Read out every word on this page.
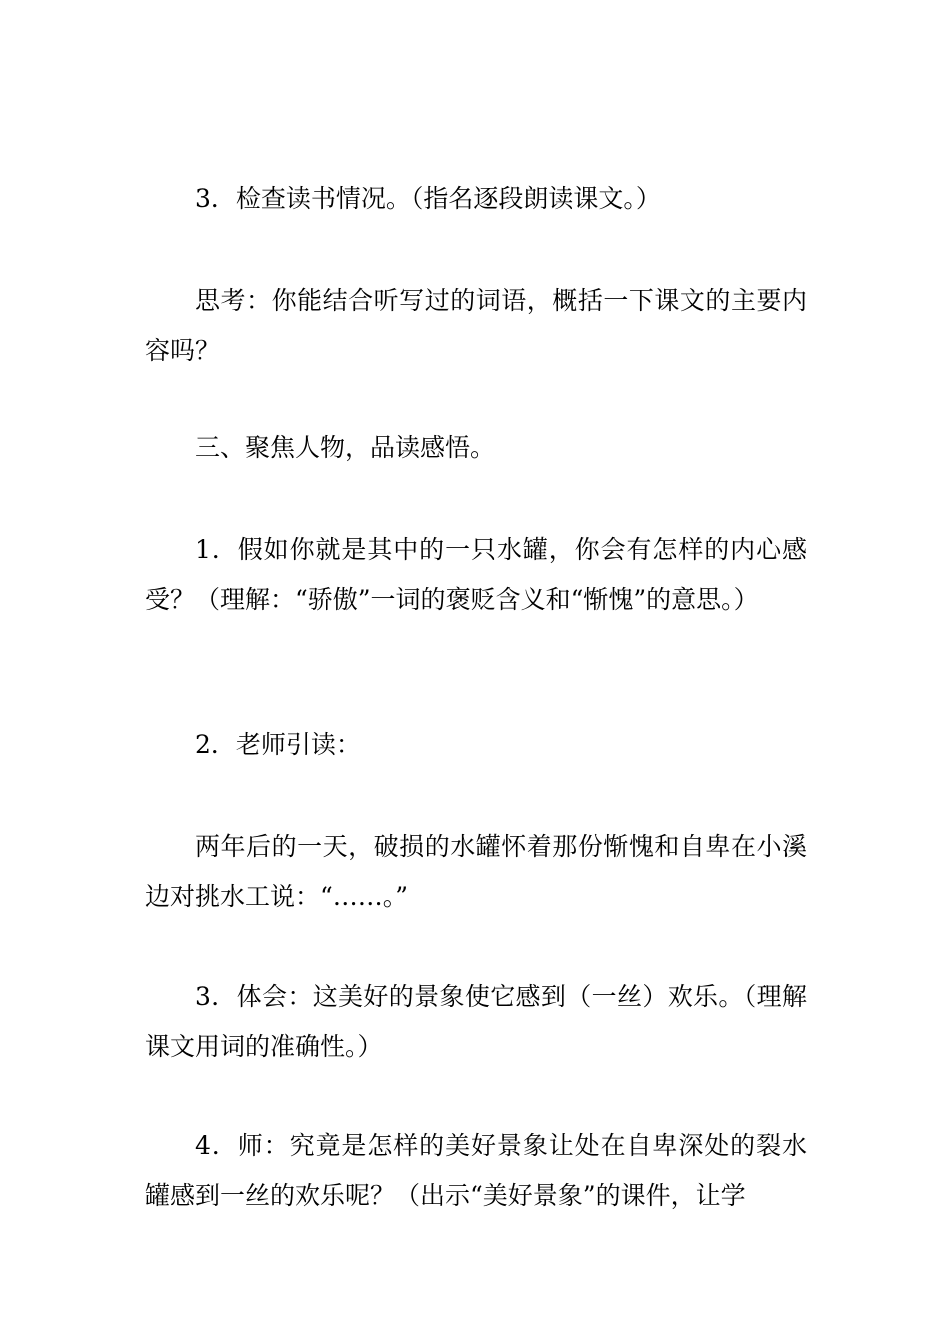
3．检查读书情况。（指名逐段朗读课文。）

思考：你能结合听写过的词语，概括一下课文的主要内容吗？

三、聚焦人物，品读感悟。

1．假如你就是其中的一只水罐，你会有怎样的内心感受？（理解：“骄傲”一词的褒贬含义和“惭愧”的意思。）

2．老师引读：

两年后的一天，破损的水罐怀着那份惭愧和自卑在小溪边对挑水工说：“……。”

3．体会：这美好的景象使它感到（一丝）欢乐。（理解课文用词的准确性。）

4．师：究竟是怎样的美好景象让处在自卑深处的裂水罐感到一丝的欢乐呢？（出示“美好景象”的课件，让学
